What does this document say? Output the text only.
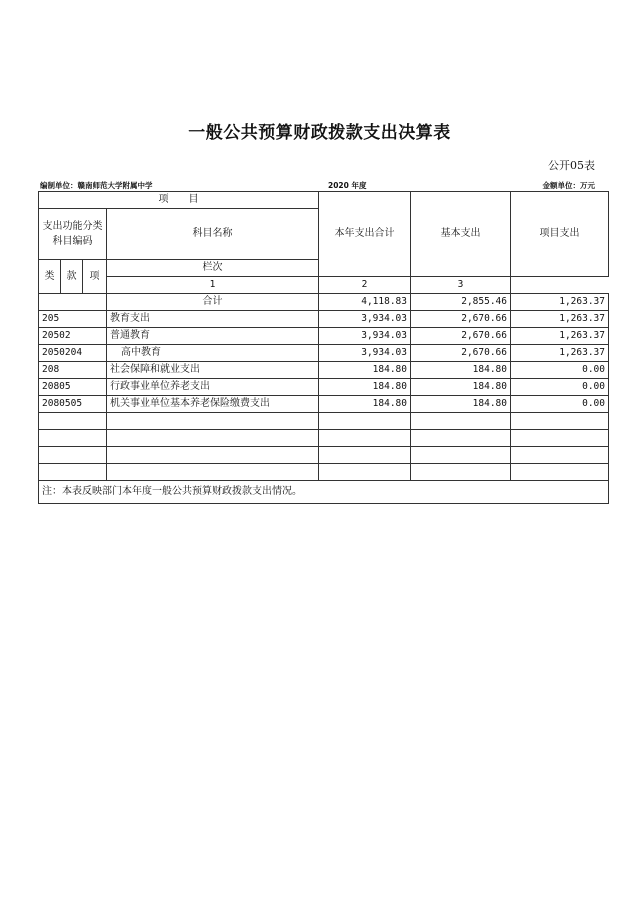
一般公共预算财政拨款支出决算表
公开05表
编制单位：赣南师范大学附属中学	2020 年度	金额单位：万元
项　　目				本年支出合计	基本支出	项目支出
支出功能分类科目编码			科目名称			
类	款	项	栏次			
			1	2	3	
			合计	4,118.83	2,855.46	1,263.37
205			教育支出	3,934.03	2,670.66	1,263.37
20502			普通教育	3,934.03	2,670.66	1,263.37
2050204			高中教育	3,934.03	2,670.66	1,263.37
208			社会保障和就业支出	184.80	184.80	0.00
20805			行政事业单位养老支出	184.80	184.80	0.00
2080505			机关事业单位基本养老保险缴费支出	184.80	184.80	0.00

注：本表反映部门本年度一般公共预算财政拨款支出情况。						
